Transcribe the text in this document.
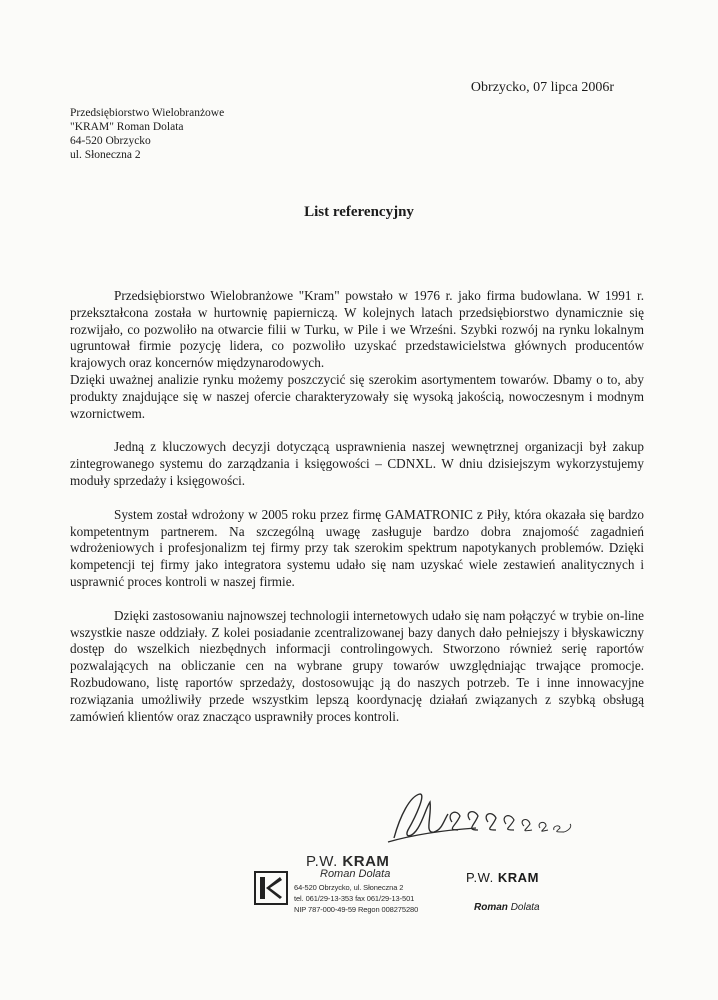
Obrzycko, 07 lipca 2006r
Przedsiębiorstwo Wielobranżowe
"KRAM" Roman Dolata
64-520 Obrzycko
ul. Słoneczna 2
List referencyjny

Przedsiębiorstwo Wielobranżowe "Kram" powstało w 1976 r. jako firma budowlana. W 1991 r. przekształcona została w hurtownię papierniczą. W kolejnych latach przedsiębiorstwo dynamicznie się rozwijało, co pozwoliło na otwarcie filii w Turku, w Pile i we Wrześni. Szybki rozwój na rynku lokalnym ugruntował firmie pozycję lidera, co pozwoliło uzyskać przedstawicielstwa głównych producentów krajowych oraz koncernów międzynarodowych.

Dzięki uważnej analizie rynku możemy poszczycić się szerokim asortymentem towarów. Dbamy o to, aby produkty znajdujące się w naszej ofercie charakteryzowały się wysoką jakością, nowoczesnym i modnym wzornictwem.

Jedną z kluczowych decyzji dotyczącą usprawnienia naszej wewnętrznej organizacji był zakup zintegrowanego systemu do zarządzania i księgowości – CDNXL. W dniu dzisiejszym wykorzystujemy moduły sprzedaży i księgowości.

System został wdrożony w 2005 roku przez firmę GAMATRONIC z Piły, która okazała się bardzo kompetentnym partnerem. Na szczególną uwagę zasługuje bardzo dobra znajomość zagadnień wdrożeniowych i profesjonalizm tej firmy przy tak szerokim spektrum napotykanych problemów. Dzięki kompetencji tej firmy jako integratora systemu udało się nam uzyskać wiele zestawień analitycznych i usprawnić proces kontroli w naszej firmie.

Dzięki zastosowaniu najnowszej technologii internetowych udało się nam połączyć w trybie on-line wszystkie nasze oddziały. Z kolei posiadanie zcentralizowanej bazy danych dało pełniejszy i błyskawiczny dostęp do wszelkich niezbędnych informacji controlingowych. Stworzono również serię raportów pozwalających na obliczanie cen na wybrane grupy towarów uwzględniając trwające promocje. Rozbudowano, listę raportów sprzedaży, dostosowując ją do naszych potrzeb. Te i inne innowacyjne rozwiązania umożliwiły przede wszystkim lepszą koordynację działań związanych z szybką obsługą zamówień klientów oraz znacząco usprawniły proces kontroli.

P.W. KRAM
Roman Dolata
64-520 Obrzycko, ul. Słoneczna 2
tel. 061/29-13-353 fax 061/29-13-501
NIP 787-000-49-59 Regon 008275280
P.W. KRAM
Roman Dolata
